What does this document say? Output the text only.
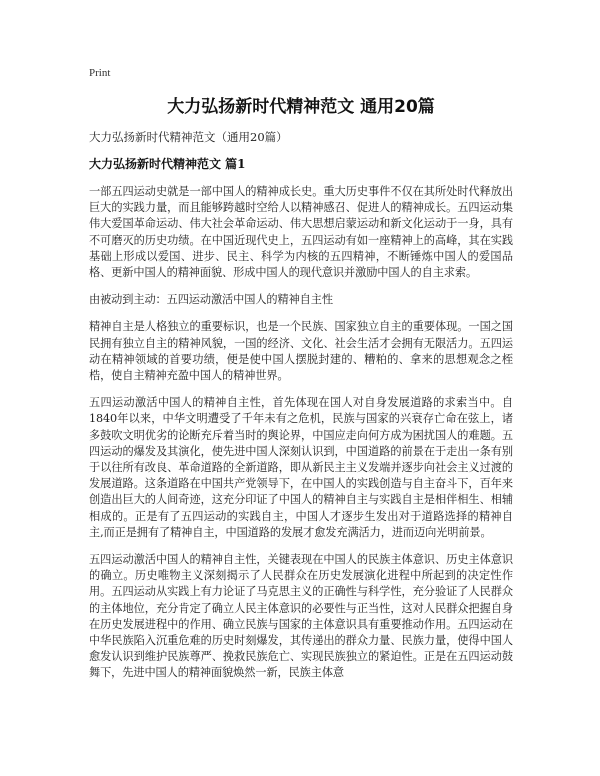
Print
大力弘扬新时代精神范文 通用20篇
大力弘扬新时代精神范文（通用20篇）
大力弘扬新时代精神范文 篇1

一部五四运动史就是一部中国人的精神成长史。重大历史事件不仅在其所处时代释放出巨大的实践力量，而且能够跨越时空给人以精神感召、促进人的精神成长。五四运动集伟大爱国革命运动、伟大社会革命运动、伟大思想启蒙运动和新文化运动于一身，具有不可磨灭的历史功绩。在中国近现代史上，五四运动有如一座精神上的高峰，其在实践基础上形成以爱国、进步、民主、科学为内核的五四精神，不断锤炼中国人的爱国品格、更新中国人的精神面貌、形成中国人的现代意识并激励中国人的自主求索。

由被动到主动：五四运动激活中国人的精神自主性

精神自主是人格独立的重要标识，也是一个民族、国家独立自主的重要体现。一国之国民拥有独立自主的精神风貌，一国的经济、文化、社会生活才会拥有无限活力。五四运动在精神领域的首要功绩，便是使中国人摆脱封建的、糟粕的、拿来的思想观念之桎梏，使自主精神充盈中国人的精神世界。

五四运动激活中国人的精神自主性，首先体现在国人对自身发展道路的求索当中。自1840年以来，中华文明遭受了千年未有之危机，民族与国家的兴衰存亡命在弦上，诸多鼓吹文明优劣的论断充斥着当时的舆论界，中国应走向何方成为困扰国人的难题。五四运动的爆发及其演化，使先进中国人深刻认识到，中国道路的前景在于走出一条有别于以往所有改良、革命道路的全新道路，即从新民主主义发端并逐步向社会主义过渡的发展道路。这条道路在中国共产党领导下，在中国人的实践创造与自主奋斗下，百年来创造出巨大的人间奇迹，这充分印证了中国人的精神自主与实践自主是相伴相生、相辅相成的。正是有了五四运动的实践自主，中国人才逐步生发出对于道路选择的精神自主,而正是拥有了精神自主，中国道路的发展才愈发充满活力，进而迈向光明前景。

五四运动激活中国人的精神自主性，关键表现在中国人的民族主体意识、历史主体意识的确立。历史唯物主义深刻揭示了人民群众在历史发展演化进程中所起到的决定性作用。五四运动从实践上有力论证了马克思主义的正确性与科学性，充分验证了人民群众的主体地位，充分肯定了确立人民主体意识的必要性与正当性，这对人民群众把握自身在历史发展进程中的作用、确立民族与国家的主体意识具有重要推动作用。五四运动在中华民族陷入沉重危难的历史时刻爆发，其传递出的群众力量、民族力量，使得中国人愈发认识到维护民族尊严、挽救民族危亡、实现民族独立的紧迫性。正是在五四运动鼓舞下，先进中国人的精神面貌焕然一新，民族主体意
